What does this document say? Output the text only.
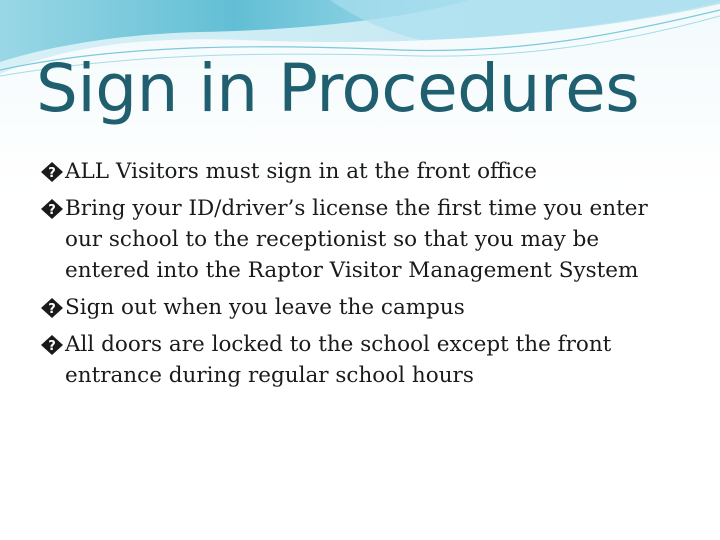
Sign in Procedures
? ALL Visitors must sign in at the front office
? Bring your ID/driver’s license the first time you enter our school to the receptionist so that you may be entered into the Raptor Visitor Management System
? Sign out when you leave the campus
? All doors are locked to the school except the front entrance during regular school hours
